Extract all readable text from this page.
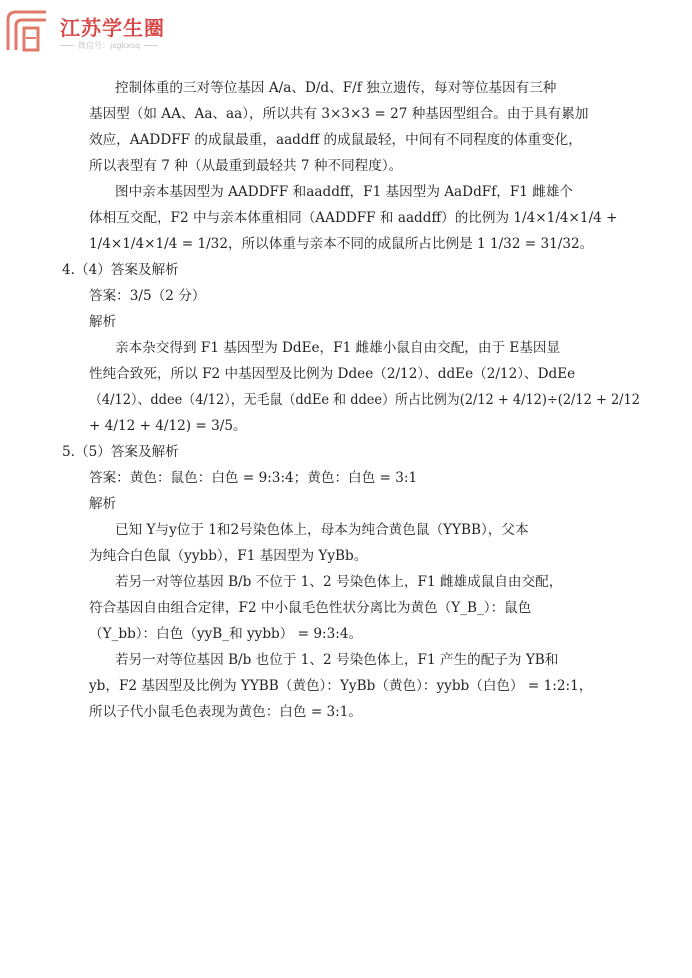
江苏学生圈
微信号：jsgkxsq
控制体重的三对等位基因 A/a、D/d、F/f 独立遗传，每对等位基因有三种
基因型（如 AA、Aa、aa），所以共有 3×3×3 = 27 种基因型组合。由于具有累加
效应，AADDFF 的成鼠最重，aaddff 的成鼠最轻，中间有不同程度的体重变化，
所以表型有 7 种（从最重到最轻共 7 种不同程度）。
图中亲本基因型为 AADDFF 和aaddff，F1 基因型为 AaDdFf，F1 雌雄个
体相互交配，F2 中与亲本体重相同（AADDFF 和 aaddff）的比例为 1/4×1/4×1/4 +
1/4×1/4×1/4 = 1/32，所以体重与亲本不同的成鼠所占比例是 1 1/32 = 31/32。
4.（4）答案及解析
答案：3/5（2 分）
解析
亲本杂交得到 F1 基因型为 DdEe，F1 雌雄小鼠自由交配，由于 E基因显
性纯合致死，所以 F2 中基因型及比例为 Ddee（2/12）、ddEe（2/12）、DdEe
（4/12）、ddee（4/12），无毛鼠（ddEe 和 ddee）所占比例为(2/12 + 4/12)÷(2/12 + 2/12
+ 4/12 + 4/12) = 3/5。
5.（5）答案及解析
答案：黄色：鼠色：白色 = 9:3:4；黄色：白色 = 3:1
解析
已知 Y与y位于 1和2号染色体上，母本为纯合黄色鼠（YYBB），父本
为纯合白色鼠（yybb），F1 基因型为 YyBb。
若另一对等位基因 B/b 不位于 1、2 号染色体上，F1 雌雄成鼠自由交配，
符合基因自由组合定律，F2 中小鼠毛色性状分离比为黄色（Y_B_）：鼠色
（Y_bb）：白色（yyB_和 yybb） = 9:3:4。
若另一对等位基因 B/b 也位于 1、2 号染色体上，F1 产生的配子为 YB和
yb，F2 基因型及比例为 YYBB（黄色）：YyBb（黄色）：yybb（白色） = 1:2:1，
所以子代小鼠毛色表现为黄色：白色 = 3:1。
